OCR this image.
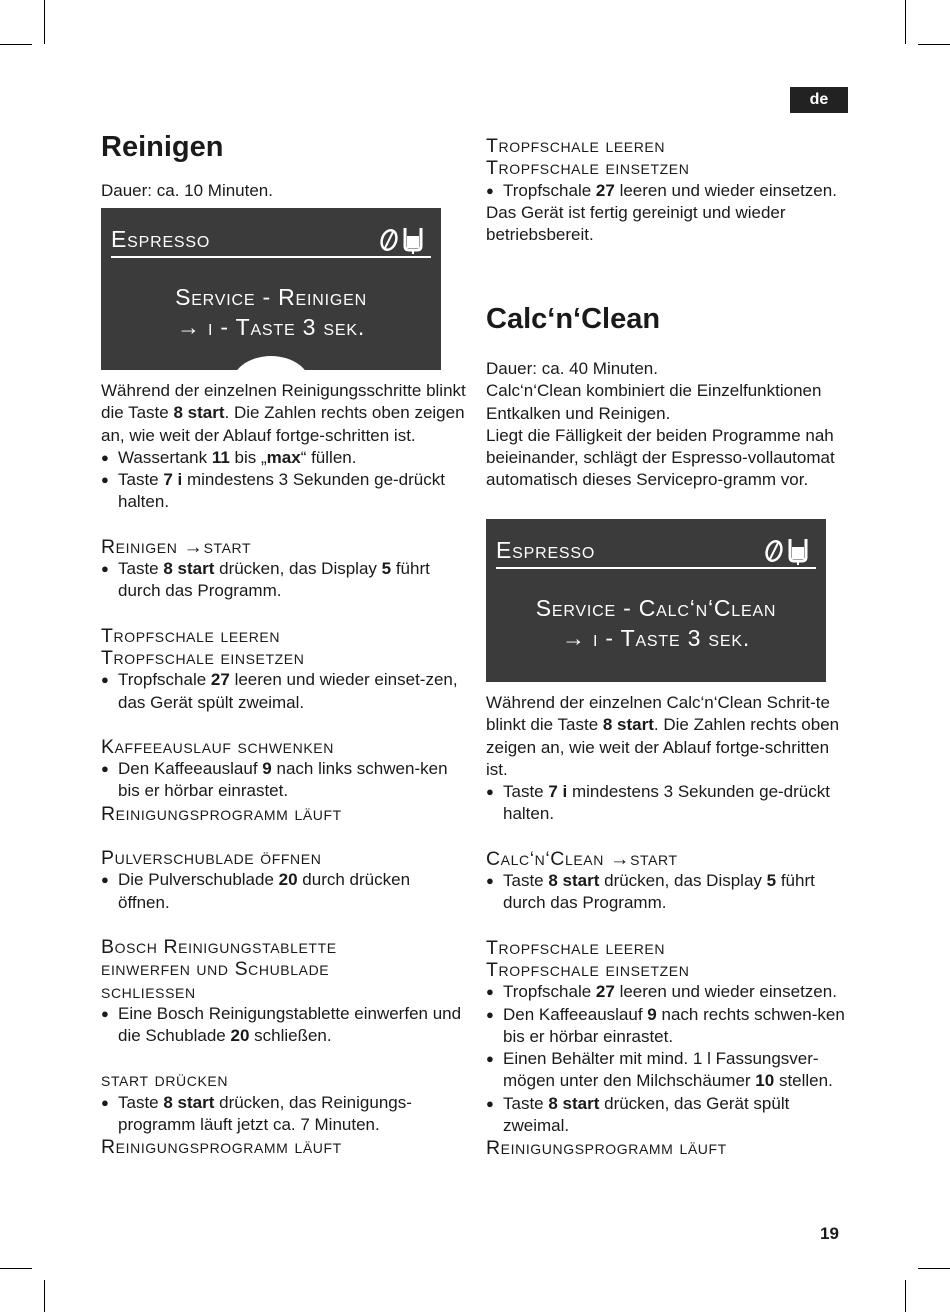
de
19
Reinigen

Dauer: ca. 10 Minuten.

Espresso
Service - Reinigen
→ i - Taste 3 sek.

Während der einzelnen Reinigungsschritte blinkt die Taste 8 start. Die Zahlen rechts oben zeigen an, wie weit der Ablauf fortge-schritten ist.

● Wassertank 11 bis „max“ füllen.
● Taste 7 i mindestens 3 Sekunden ge-drückt halten.
Reinigen →start
● Taste 8 start drücken, das Display 5 führt durch das Programm.
Tropfschale leeren
Tropfschale einsetzen
● Tropfschale 27 leeren und wieder einset-zen, das Gerät spült zweimal.
Kaffeeauslauf schwenken
● Den Kaffeeauslauf 9 nach links schwen-ken bis er hörbar einrastet.
Reinigungsprogramm läuft
Pulverschublade öffnen
● Die Pulverschublade 20 durch drücken öffnen.
Bosch Reinigungstablette
einwerfen und Schublade
schliessen
● Eine Bosch Reinigungstablette einwerfen und die Schublade 20 schließen.
start drücken
● Taste 8 start drücken, das Reinigungs-programm läuft jetzt ca. 7 Minuten.
Reinigungsprogramm läuft
Tropfschale leeren
Tropfschale einsetzen
● Tropfschale 27 leeren und wieder einsetzen.

Das Gerät ist fertig gereinigt und wieder betriebsbereit.

Calc‘n‘Clean

Dauer: ca. 40 Minuten.

Calc‘n‘Clean kombiniert die Einzelfunktionen Entkalken und Reinigen.

Liegt die Fälligkeit der beiden Programme nah beieinander, schlägt der Espresso-vollautomat automatisch dieses Servicepro-gramm vor.

Espresso
Service - Calc‘n‘Clean
→ i - Taste 3 sek.

Während der einzelnen Calc‘n‘Clean Schrit-te blinkt die Taste 8 start. Die Zahlen rechts oben zeigen an, wie weit der Ablauf fortge-schritten ist.

● Taste 7 i mindestens 3 Sekunden ge-drückt halten.
Calc‘n‘Clean →start
● Taste 8 start drücken, das Display 5 führt durch das Programm.
Tropfschale leeren
Tropfschale einsetzen
● Tropfschale 27 leeren und wieder einsetzen.
● Den Kaffeeauslauf 9 nach rechts schwen-ken bis er hörbar einrastet.
● Einen Behälter mit mind. 1 l Fassungsver-mögen unter den Milchschäumer 10 stellen.
● Taste 8 start drücken, das Gerät spült zweimal.
Reinigungsprogramm läuft
